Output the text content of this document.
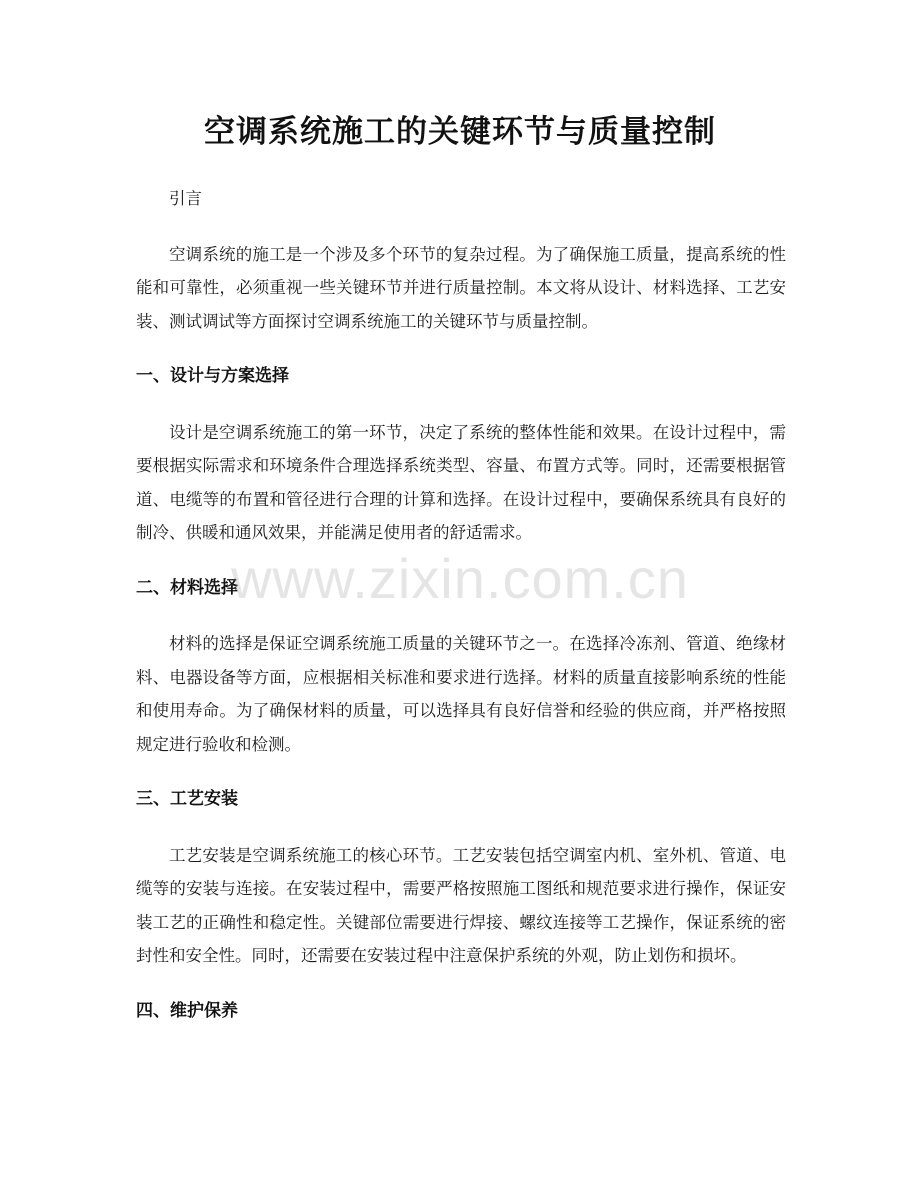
空调系统施工的关键环节与质量控制

引言

空调系统的施工是一个涉及多个环节的复杂过程。为了确保施工质量，提高系统的性能和可靠性，必须重视一些关键环节并进行质量控制。本文将从设计、材料选择、工艺安装、测试调试等方面探讨空调系统施工的关键环节与质量控制。

一、设计与方案选择

设计是空调系统施工的第一环节，决定了系统的整体性能和效果。在设计过程中，需要根据实际需求和环境条件合理选择系统类型、容量、布置方式等。同时，还需要根据管道、电缆等的布置和管径进行合理的计算和选择。在设计过程中，要确保系统具有良好的制冷、供暖和通风效果，并能满足使用者的舒适需求。

二、材料选择

材料的选择是保证空调系统施工质量的关键环节之一。在选择冷冻剂、管道、绝缘材料、电器设备等方面，应根据相关标准和要求进行选择。材料的质量直接影响系统的性能和使用寿命。为了确保材料的质量，可以选择具有良好信誉和经验的供应商，并严格按照规定进行验收和检测。

三、工艺安装

工艺安装是空调系统施工的核心环节。工艺安装包括空调室内机、室外机、管道、电缆等的安装与连接。在安装过程中，需要严格按照施工图纸和规范要求进行操作，保证安装工艺的正确性和稳定性。关键部位需要进行焊接、螺纹连接等工艺操作，保证系统的密封性和安全性。同时，还需要在安装过程中注意保护系统的外观，防止划伤和损坏。

四、维护保养
www.zixin.com.cn
